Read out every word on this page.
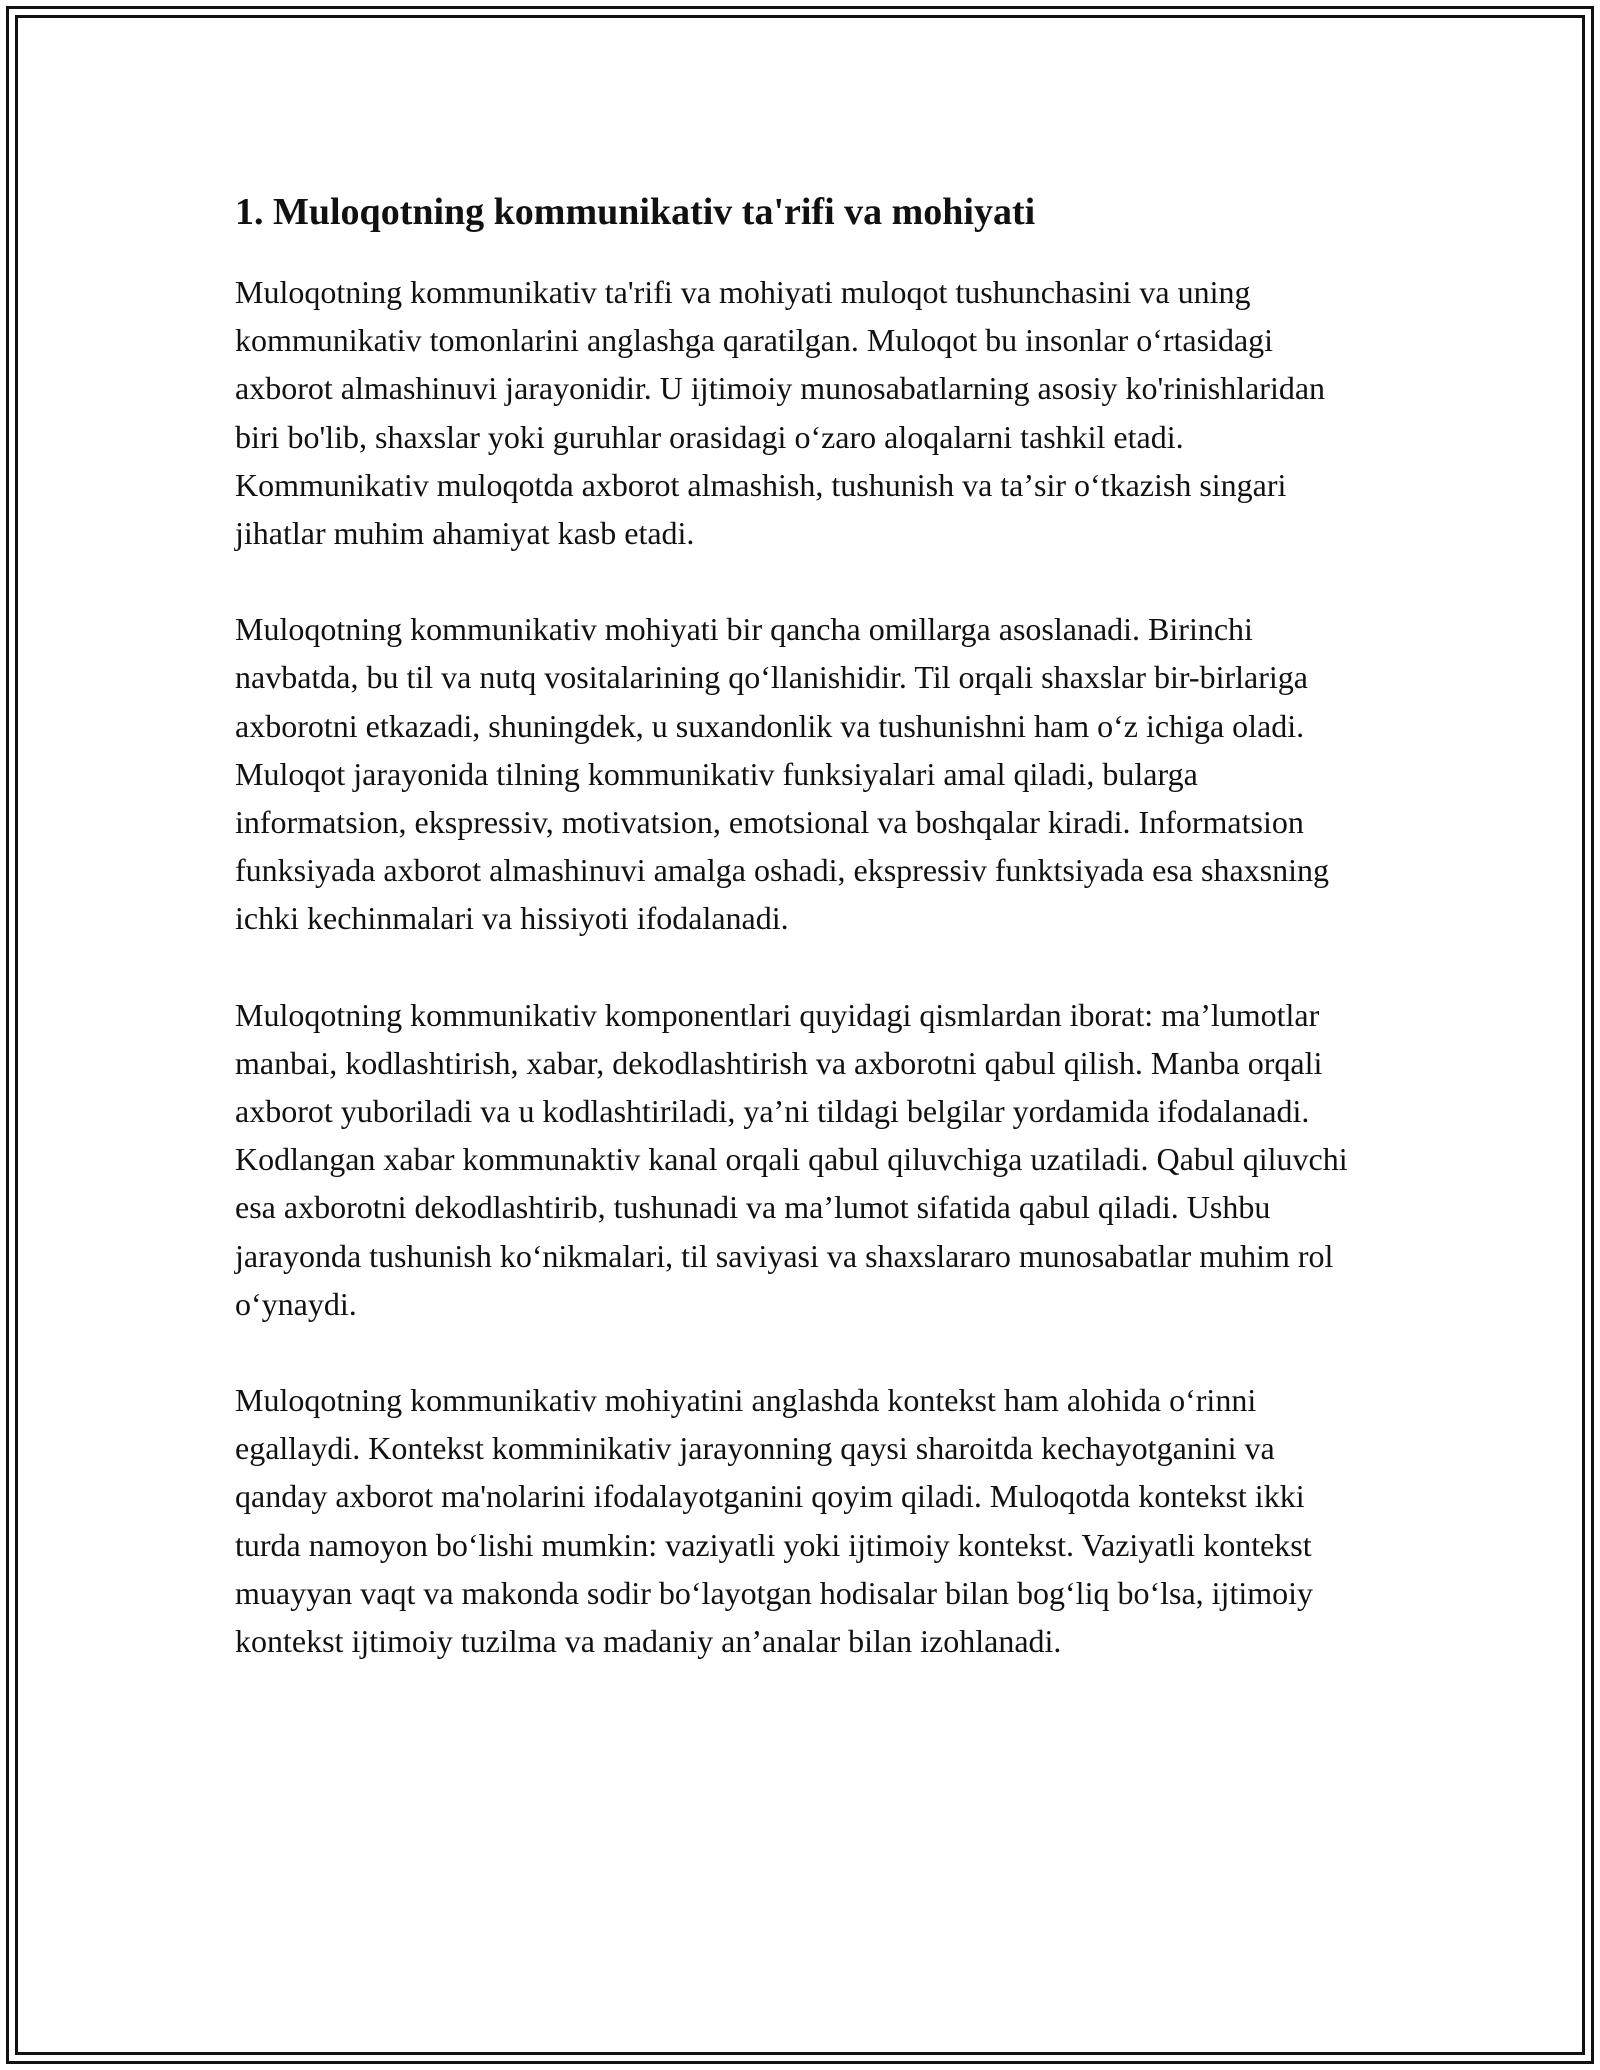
1. Muloqotning kommunikativ ta'rifi va mohiyati

Muloqotning kommunikativ ta'rifi va mohiyati muloqot tushunchasini va uning kommunikativ tomonlarini anglashga qaratilgan. Muloqot bu insonlar oʻrtasidagi axborot almashinuvi jarayonidir. U ijtimoiy munosabatlarning asosiy ko'rinishlaridan biri bo'lib, shaxslar yoki guruhlar orasidagi oʻzaro aloqalarni tashkil etadi. Kommunikativ muloqotda axborot almashish, tushunish va taʼsir oʻtkazish singari jihatlar muhim ahamiyat kasb etadi.

Muloqotning kommunikativ mohiyati bir qancha omillarga asoslanadi. Birinchi navbatda, bu til va nutq vositalarining qoʻllanishidir. Til orqali shaxslar bir-birlariga axborotni etkazadi, shuningdek, u suxandonlik va tushunishni ham oʻz ichiga oladi. Muloqot jarayonida tilning kommunikativ funksiyalari amal qiladi, bularga informatsion, ekspressiv, motivatsion, emotsional va boshqalar kiradi. Informatsion funksiyada axborot almashinuvi amalga oshadi, ekspressiv funktsiyada esa shaxsning ichki kechinmalari va hissiyoti ifodalanadi.

Muloqotning kommunikativ komponentlari quyidagi qismlardan iborat: maʼlumotlar manbai, kodlashtirish, xabar, dekodlashtirish va axborotni qabul qilish. Manba orqali axborot yuboriladi va u kodlashtiriladi, yaʼni tildagi belgilar yordamida ifodalanadi. Kodlangan xabar kommunaktiv kanal orqali qabul qiluvchiga uzatiladi. Qabul qiluvchi esa axborotni dekodlashtirib, tushunadi va maʼlumot sifatida qabul qiladi. Ushbu jarayonda tushunish koʻnikmalari, til saviyasi va shaxslararo munosabatlar muhim rol oʻynaydi.

Muloqotning kommunikativ mohiyatini anglashda kontekst ham alohida oʻrinni egallaydi. Kontekst komminikativ jarayonning qaysi sharoitda kechayotganini va qanday axborot ma'nolarini ifodalayotganini qoyim qiladi. Muloqotda kontekst ikki turda namoyon boʻlishi mumkin: vaziyatli yoki ijtimoiy kontekst. Vaziyatli kontekst muayyan vaqt va makonda sodir boʻlayotgan hodisalar bilan bogʻliq boʻlsa, ijtimoiy kontekst ijtimoiy tuzilma va madaniy anʼanalar bilan izohlanadi.
